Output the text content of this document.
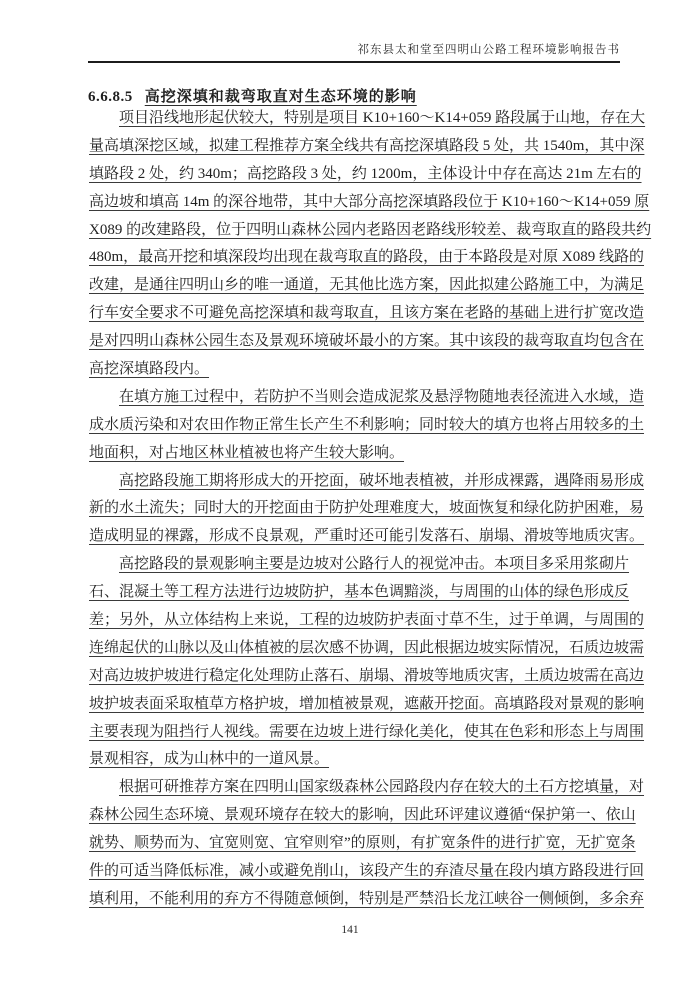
祁东县太和堂至四明山公路工程环境影响报告书
6.6.8.5 高挖深填和裁弯取直对生态环境的影响
项目沿线地形起伏较大，特别是项目 K10+160～K14+059 路段属于山地，存在大
量高填深挖区域，拟建工程推荐方案全线共有高挖深填路段 5 处，共 1540m，其中深
填路段 2 处，约 340m；高挖路段 3 处，约 1200m，主体设计中存在高达 21m 左右的
高边坡和填高 14m 的深谷地带，其中大部分高挖深填路段位于 K10+160～K14+059 原
X089 的改建路段，位于四明山森林公园内老路因老路线形较差、裁弯取直的路段共约
480m，最高开挖和填深段均出现在裁弯取直的路段，由于本路段是对原 X089 线路的
改建，是通往四明山乡的唯一通道，无其他比选方案，因此拟建公路施工中，为满足
行车安全要求不可避免高挖深填和裁弯取直，且该方案在老路的基础上进行扩宽改造
是对四明山森林公园生态及景观环境破坏最小的方案。其中该段的裁弯取直均包含在
高挖深填路段内。
在填方施工过程中，若防护不当则会造成泥浆及悬浮物随地表径流进入水域，造
成水质污染和对农田作物正常生长产生不利影响；同时较大的填方也将占用较多的土
地面积，对占地区林业植被也将产生较大影响。
高挖路段施工期将形成大的开挖面，破坏地表植被，并形成裸露，遇降雨易形成
新的水土流失；同时大的开挖面由于防护处理难度大，坡面恢复和绿化防护困难，易
造成明显的裸露，形成不良景观，严重时还可能引发落石、崩塌、滑坡等地质灾害。
高挖路段的景观影响主要是边坡对公路行人的视觉冲击。本项目多采用浆砌片
石、混凝土等工程方法进行边坡防护，基本色调黯淡，与周围的山体的绿色形成反
差；另外，从立体结构上来说，工程的边坡防护表面寸草不生，过于单调，与周围的
连绵起伏的山脉以及山体植被的层次感不协调，因此根据边坡实际情况，石质边坡需
对高边坡护坡进行稳定化处理防止落石、崩塌、滑坡等地质灾害，土质边坡需在高边
坡护坡表面采取植草方格护坡，增加植被景观，遮蔽开挖面。高填路段对景观的影响
主要表现为阻挡行人视线。需要在边坡上进行绿化美化，使其在色彩和形态上与周围
景观相容，成为山林中的一道风景。
根据可研推荐方案在四明山国家级森林公园路段内存在较大的土石方挖填量，对
森林公园生态环境、景观环境存在较大的影响，因此环评建议遵循“保护第一、依山
就势、顺势而为、宜宽则宽、宜窄则窄”的原则，有扩宽条件的进行扩宽，无扩宽条
件的可适当降低标准，减小或避免削山，该段产生的弃渣尽量在段内填方路段进行回
填利用，不能利用的弃方不得随意倾倒，特别是严禁沿长龙江峡谷一侧倾倒，多余弃
141
